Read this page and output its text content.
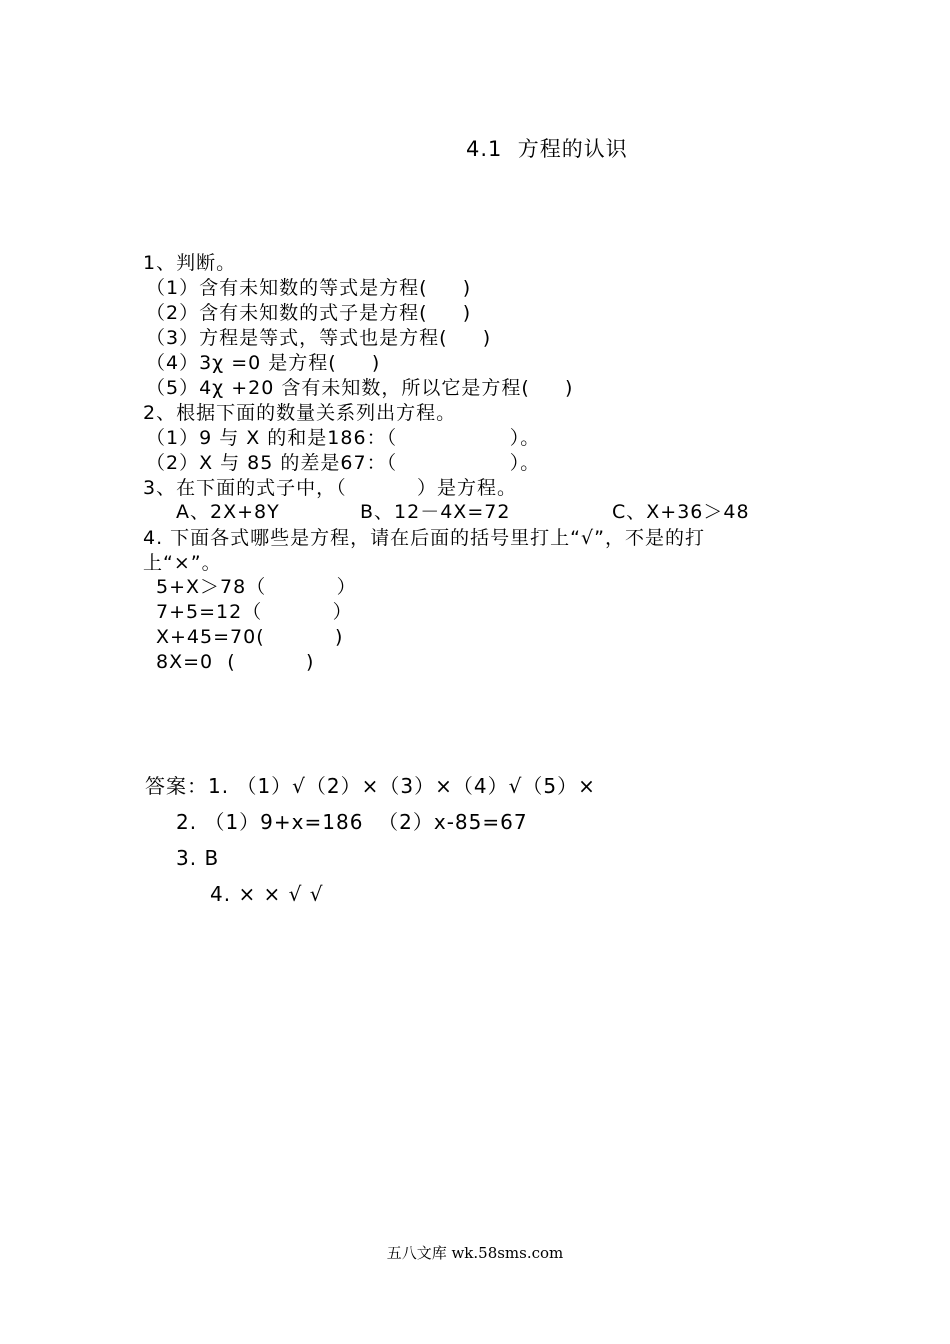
4.1  方程的认识
1、判断。
（1）含有未知数的等式是方程(     )
（2）含有未知数的式子是方程(     )
（3）方程是等式，等式也是方程(     )
（4）3χ =0 是方程(     )
（5）4χ +20 含有未知数，所以它是方程(     )
2、根据下面的数量关系列出方程。
（1）9 与 X 的和是186：（                ）。
（2）X 与 85 的差是67：（                ）。
3、在下面的式子中，（          ）是方程。
A、2X+8Y	B、12－4X=72	C、X+36＞48
4. 下面各式哪些是方程，请在后面的括号里打上“√”，不是的打
上“×”。
5+X＞78（          ）
7+5=12（          ）
X+45=70(          )
8X=0  (          )
答案：1. （1）√（2）×（3）×（4）√（5）×
2. （1）9+x=186  （2）x-85=67
3. B
4. × × √ √
五八文库 wk.58sms.com
